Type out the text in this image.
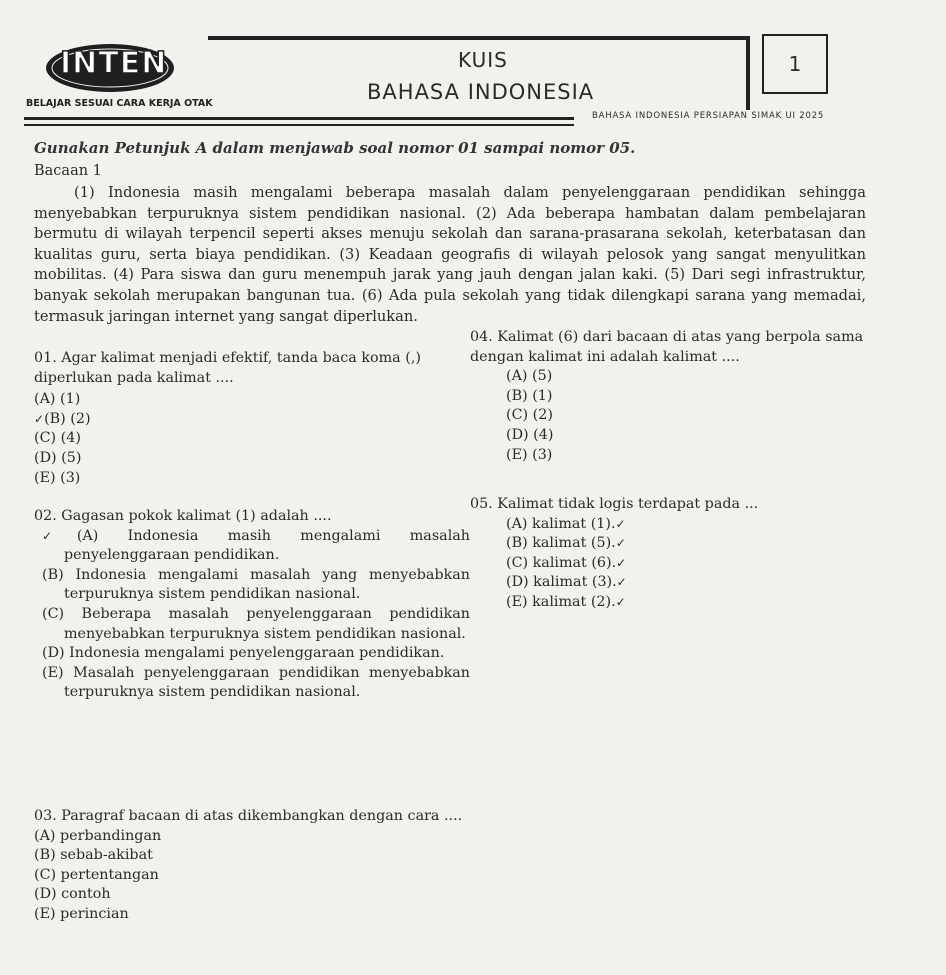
INTEN
BELAJAR SESUAI CARA KERJA OTAK
KUIS
BAHASA INDONESIA
1
BAHASA INDONESIA PERSIAPAN SIMAK UI 2025
Gunakan Petunjuk A dalam menjawab soal nomor 01 sampai nomor 05.
Bacaan 1
(1) Indonesia masih mengalami beberapa masalah dalam penyelenggaraan pendidikan sehingga menyebabkan terpuruknya sistem pendidikan nasional. (2) Ada beberapa hambatan dalam pembelajaran bermutu di wilayah terpencil seperti akses menuju sekolah dan sarana-prasarana sekolah, keterbatasan dan kualitas guru, serta biaya pendidikan. (3) Keadaan geografis di wilayah pelosok yang sangat menyulitkan mobilitas. (4) Para siswa dan guru menempuh jarak yang jauh dengan jalan kaki. (5) Dari segi infrastruktur, banyak sekolah merupakan bangunan tua. (6) Ada pula sekolah yang tidak dilengkapi sarana yang memadai, termasuk jaringan internet yang sangat diperlukan.
01. Agar kalimat menjadi efektif, tanda baca koma (,) diperlukan pada kalimat ....
(A) (1)
✓(B) (2)
(C) (4)
(D) (5)
(E) (3)
02. Gagasan pokok kalimat (1) adalah ....
✓(A) Indonesia masih mengalami masalah penyelenggaraan pendidikan.
(B) Indonesia mengalami masalah yang menyebabkan terpuruknya sistem pendidikan nasional.
(C) Beberapa masalah penyelenggaraan pendidikan menyebabkan terpuruknya sistem pendidikan nasional.
(D) Indonesia mengalami penyelenggaraan pendidikan.
(E) Masalah penyelenggaraan pendidikan menyebabkan terpuruknya sistem pendidikan nasional.
03. Paragraf bacaan di atas dikembangkan dengan cara ....
(A) perbandingan
(B) sebab-akibat
(C) pertentangan
(D) contoh
(E) perincian
04. Kalimat (6) dari bacaan di atas yang berpola sama dengan kalimat ini adalah kalimat ....
(A) (5)
(B) (1)
(C) (2)
(D) (4)
(E) (3)
05. Kalimat tidak logis terdapat pada ...
(A) kalimat (1).✓
(B) kalimat (5).✓
(C) kalimat (6).✓
(D) kalimat (3).✓
(E) kalimat (2).✓
